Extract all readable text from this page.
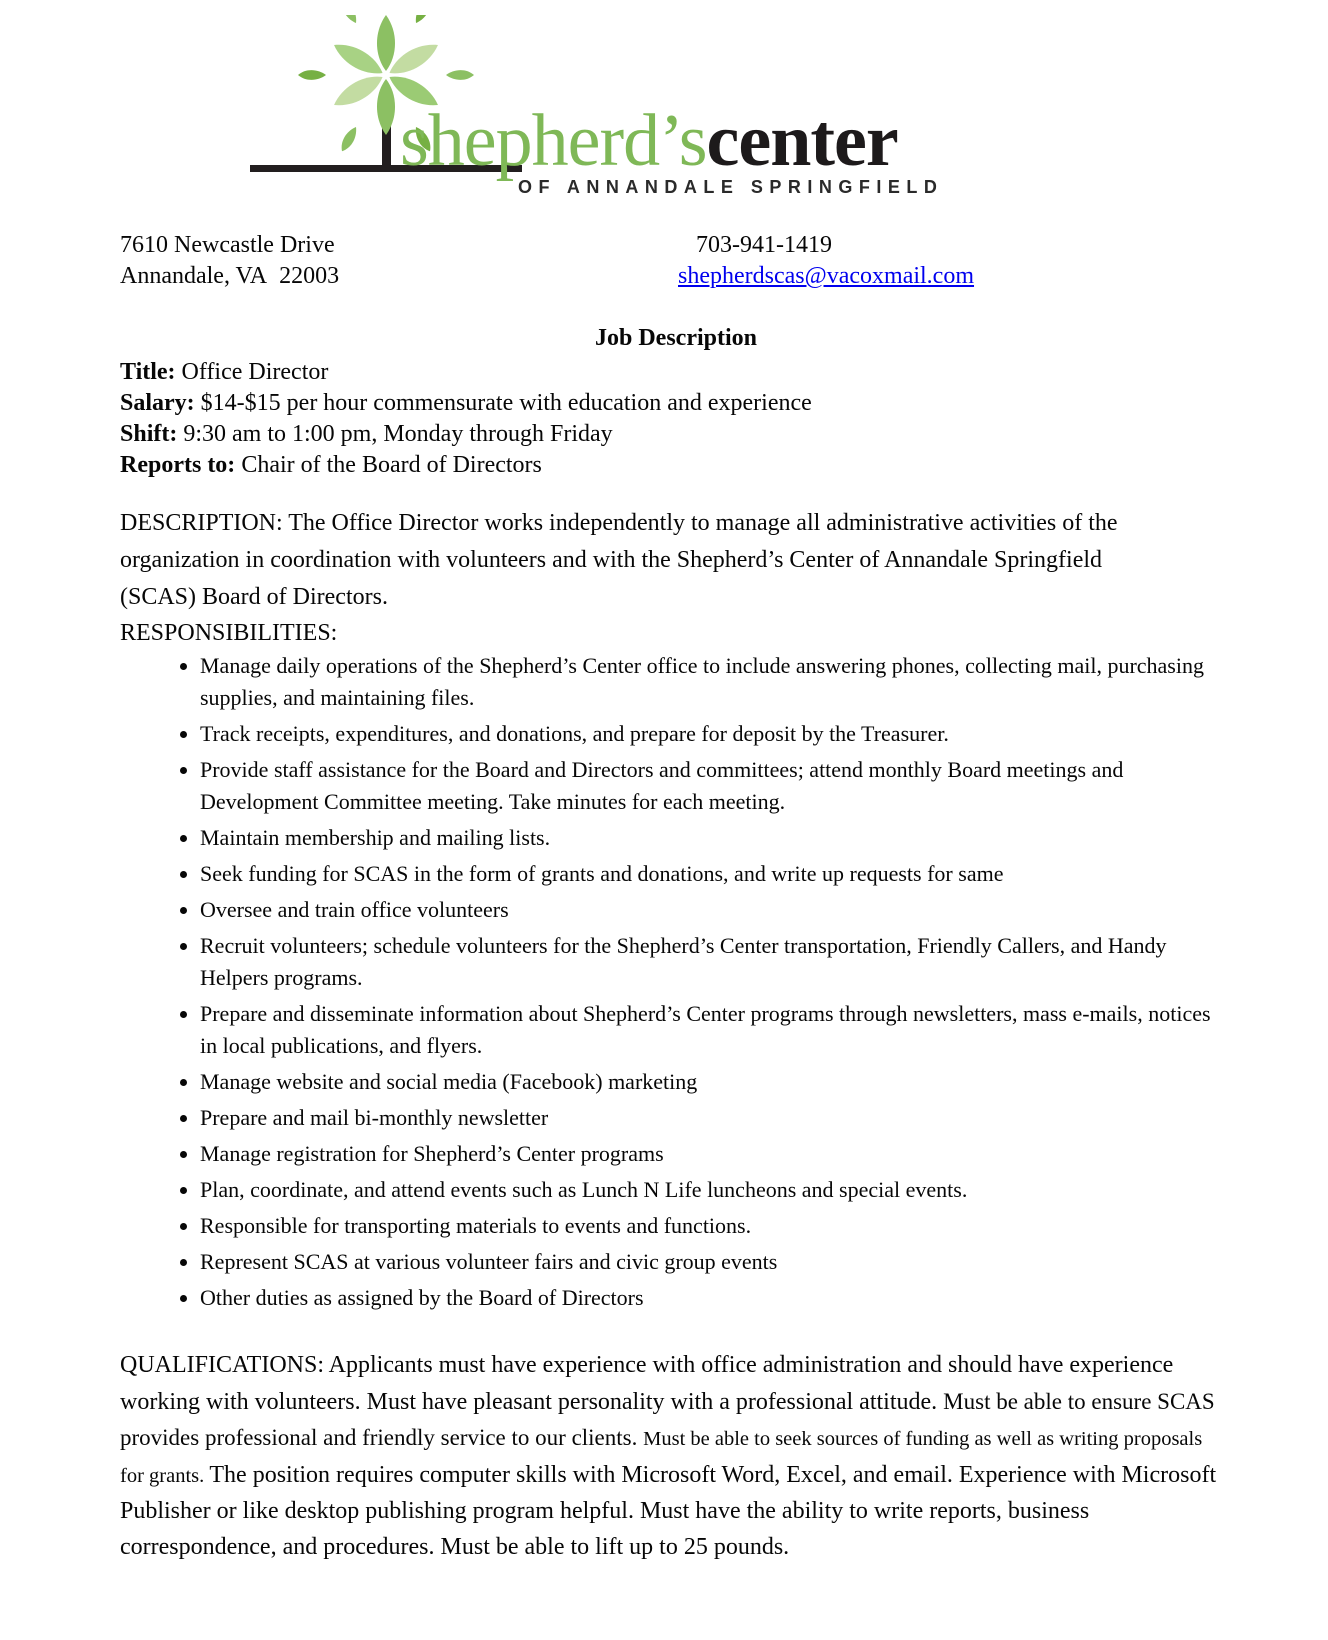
shepherd’scenter
OF ANNANDALE SPRINGFIELD
7610 Newcastle Drive
Annandale, VA  22003
703-941-1419
shepherdscas@vacoxmail.com
Job Description
Title: Office Director
Salary: $14-$15 per hour commensurate with education and experience
Shift: 9:30 am to 1:00 pm, Monday through Friday
Reports to: Chair of the Board of Directors

DESCRIPTION: The Office Director works independently to manage all administrative activities of the organization in coordination with volunteers and with the Shepherd’s Center of Annandale Springfield (SCAS) Board of Directors.

RESPONSIBILITIES:
• Manage daily operations of the Shepherd’s Center office to include answering phones, collecting mail, purchasing supplies, and maintaining files.
• Track receipts, expenditures, and donations, and prepare for deposit by the Treasurer.
• Provide staff assistance for the Board and Directors and committees; attend monthly Board meetings and Development Committee meeting. Take minutes for each meeting.
• Maintain membership and mailing lists.
• Seek funding for SCAS in the form of grants and donations, and write up requests for same
• Oversee and train office volunteers
• Recruit volunteers; schedule volunteers for the Shepherd’s Center transportation, Friendly Callers, and Handy Helpers programs.
• Prepare and disseminate information about Shepherd’s Center programs through newsletters, mass e-mails, notices in local publications, and flyers.
• Manage website and social media (Facebook) marketing
• Prepare and mail bi-monthly newsletter
• Manage registration for Shepherd’s Center programs
• Plan, coordinate, and attend events such as Lunch N Life luncheons and special events.
• Responsible for transporting materials to events and functions.
• Represent SCAS at various volunteer fairs and civic group events
• Other duties as assigned by the Board of Directors

QUALIFICATIONS: Applicants must have experience with office administration and should have experience working with volunteers. Must have pleasant personality with a professional attitude. Must be able to ensure SCAS provides professional and friendly service to our clients. Must be able to seek sources of funding as well as writing proposals for grants. The position requires computer skills with Microsoft Word, Excel, and email. Experience with Microsoft Publisher or like desktop publishing program helpful. Must have the ability to write reports, business correspondence, and procedures. Must be able to lift up to 25 pounds.
